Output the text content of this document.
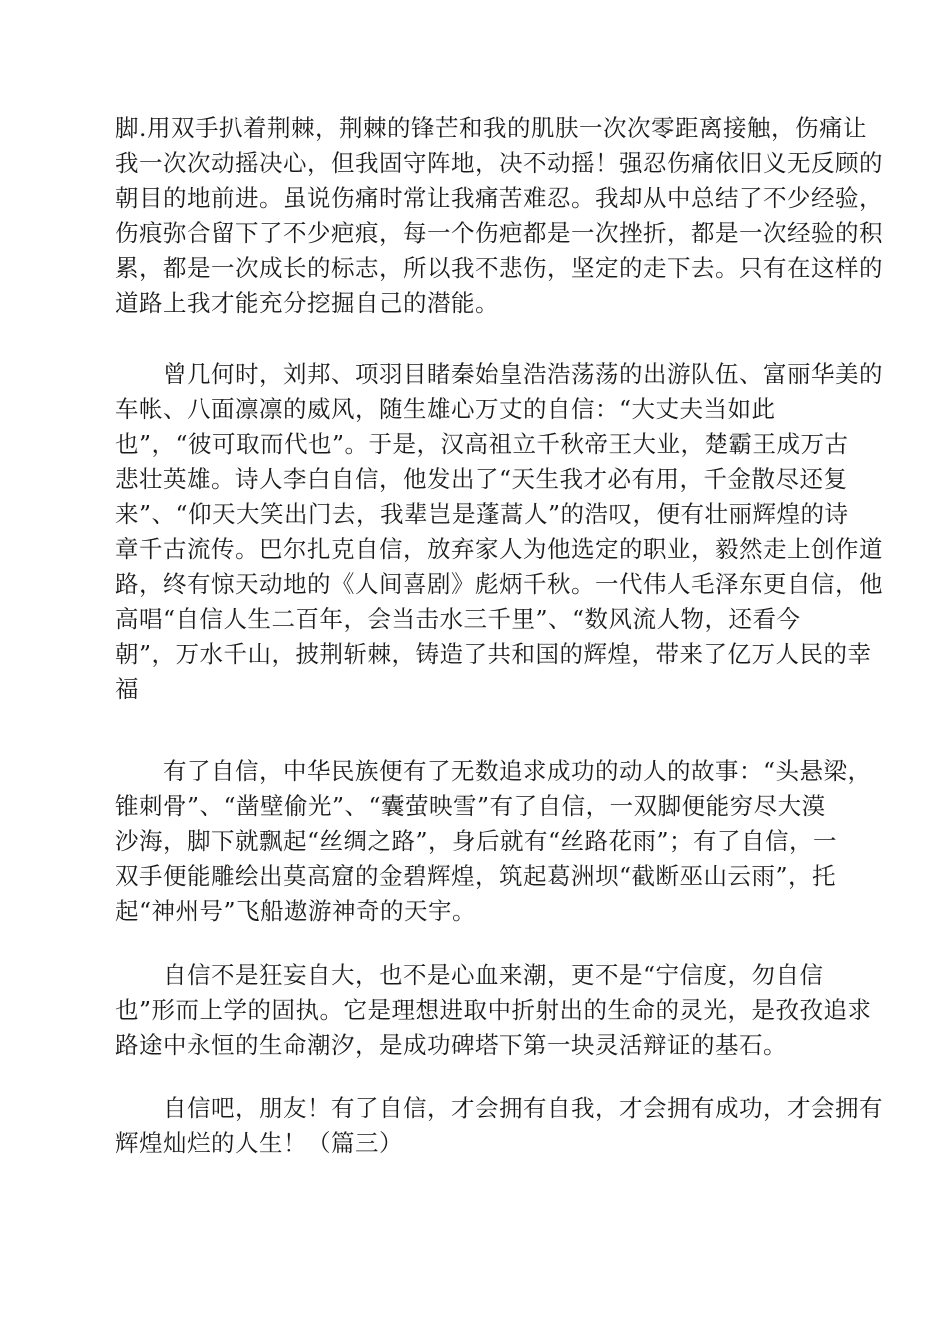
脚.用双手扒着荆棘，荆棘的锋芒和我的肌肤一次次零距离接触，伤痛让
我一次次动摇决心，但我固守阵地，决不动摇！强忍伤痛依旧义无反顾的
朝目的地前进。虽说伤痛时常让我痛苦难忍。我却从中总结了不少经验，
伤痕弥合留下了不少疤痕，每一个伤疤都是一次挫折，都是一次经验的积
累，都是一次成长的标志，所以我不悲伤，坚定的走下去。只有在这样的
道路上我才能充分挖掘自己的潜能。

　　曾几何时，刘邦、项羽目睹秦始皇浩浩荡荡的出游队伍、富丽华美的
车帐、八面凛凛的威风，随生雄心万丈的自信：“大丈夫当如此
也”，“彼可取而代也”。于是，汉高祖立千秋帝王大业，楚霸王成万古
悲壮英雄。诗人李白自信，他发出了“天生我才必有用，千金散尽还复
来”、“仰天大笑出门去，我辈岂是蓬蒿人”的浩叹，便有壮丽辉煌的诗
章千古流传。巴尔扎克自信，放弃家人为他选定的职业，毅然走上创作道
路，终有惊天动地的《人间喜剧》彪炳千秋。一代伟人毛泽东更自信，他
高唱“自信人生二百年，会当击水三千里”、“数风流人物，还看今
朝”，万水千山，披荆斩棘，铸造了共和国的辉煌，带来了亿万人民的幸
福

　　有了自信，中华民族便有了无数追求成功的动人的故事：“头悬梁，
锥刺骨”、“凿壁偷光”、“囊萤映雪”有了自信，一双脚便能穷尽大漠
沙海，脚下就飘起“丝绸之路”，身后就有“丝路花雨”；有了自信，一
双手便能雕绘出莫高窟的金碧辉煌，筑起葛洲坝“截断巫山云雨”，托
起“神州号”飞船遨游神奇的天宇。

　　自信不是狂妄自大，也不是心血来潮，更不是“宁信度，勿自信
也”形而上学的固执。它是理想进取中折射出的生命的灵光，是孜孜追求
路途中永恒的生命潮汐，是成功碑塔下第一块灵活辩证的基石。

　　自信吧，朋友！有了自信，才会拥有自我，才会拥有成功，才会拥有
辉煌灿烂的人生！（篇三）
